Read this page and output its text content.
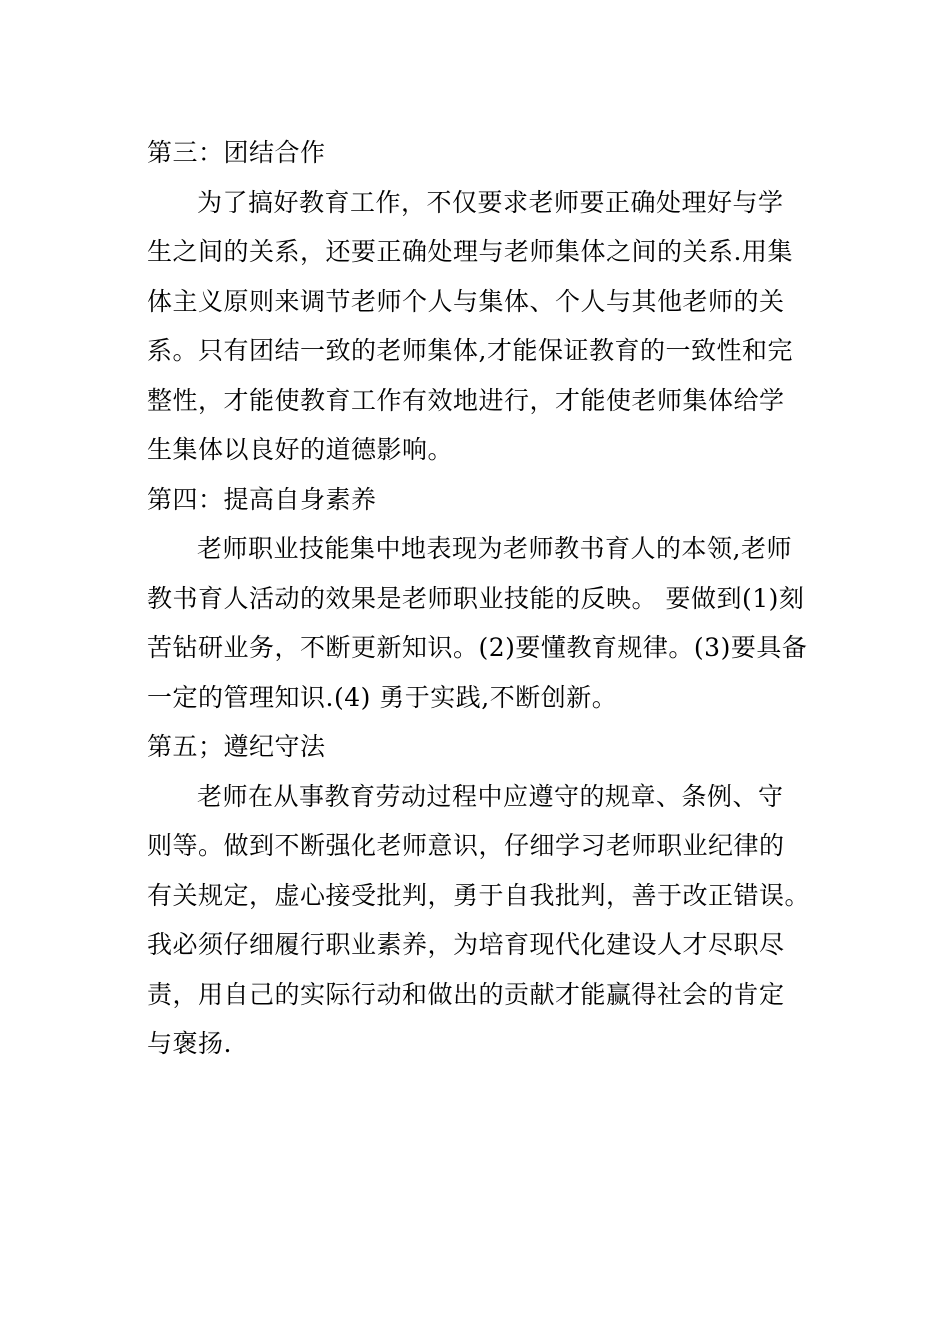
第三：团结合作
为了搞好教育工作，不仅要求老师要正确处理好与学
生之间的关系，还要正确处理与老师集体之间的关系.用集
体主义原则来调节老师个人与集体、个人与其他老师的关
系。只有团结一致的老师集体,才能保证教育的一致性和完
整性，才能使教育工作有效地进行，才能使老师集体给学
生集体以良好的道德影响。
第四：提高自身素养
老师职业技能集中地表现为老师教书育人的本领,老师
教书育人活动的效果是老师职业技能的反映。 要做到(1)刻
苦钻研业务，不断更新知识。(2)要懂教育规律。(3)要具备
一定的管理知识.(4) 勇于实践,不断创新。
第五；遵纪守法
老师在从事教育劳动过程中应遵守的规章、条例、守
则等。做到不断强化老师意识，仔细学习老师职业纪律的
有关规定，虚心接受批判，勇于自我批判，善于改正错误。
我必须仔细履行职业素养，为培育现代化建设人才尽职尽
责，用自己的实际行动和做出的贡献才能赢得社会的肯定
与褒扬.
